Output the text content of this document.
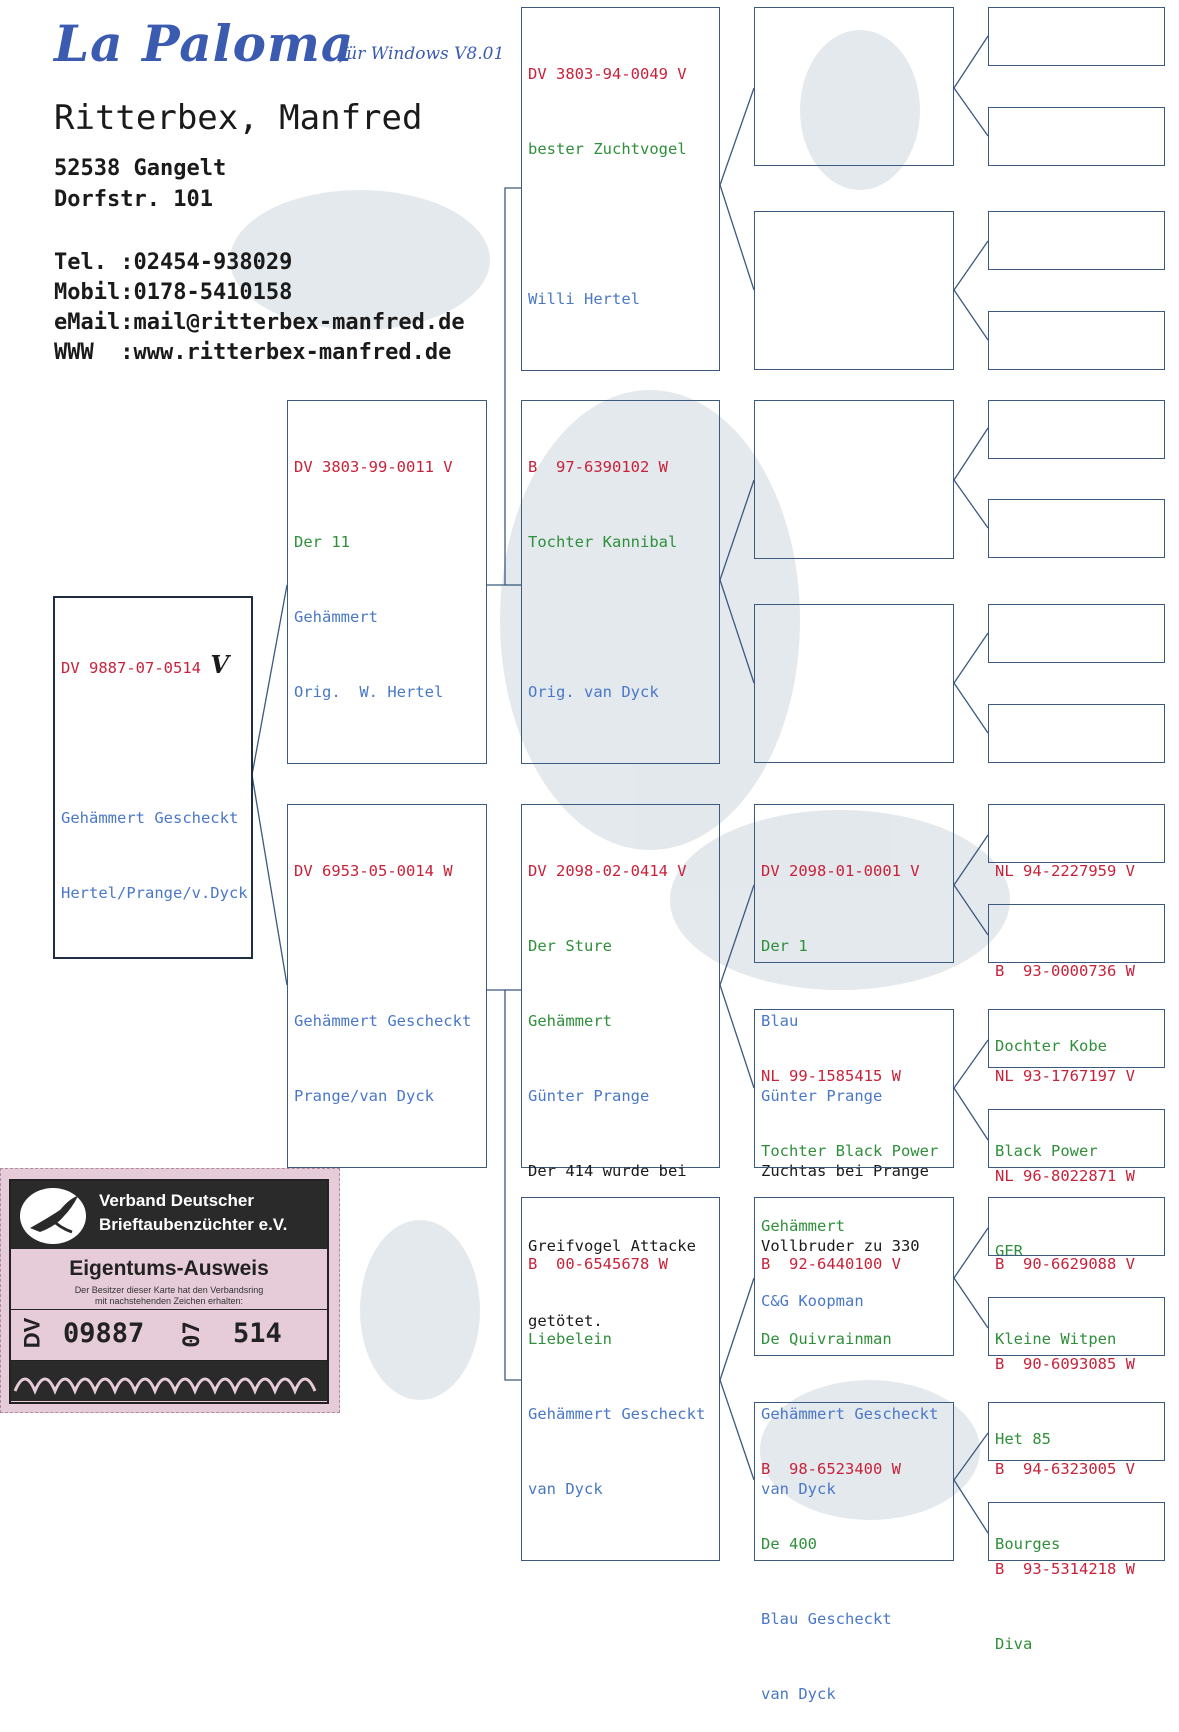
La Paloma
für Windows V8.01
Ritterbex, Manfred
52538 Gangelt
Dorfstr. 101
Tel. :02454-938029
Mobil:0178-5410158
eMail:mail@ritterbex-manfred.de
WWW  :www.ritterbex-manfred.de

DV 9887-07-0514 V

Gehämmert Gescheckt

Hertel/Prange/v.Dyck

DV 3803-99-0011 V

Der 11

Gehämmert

Orig.  W. Hertel

DV 6953-05-0014 W

Gehämmert Gescheckt

Prange/van Dyck

DV 3803-94-0049 V

bester Zuchtvogel

Willi Hertel

B  97-6390102 W

Tochter Kannibal

Orig. van Dyck

DV 2098-02-0414 V

Der Sture

Gehämmert

Günter Prange

Der 414 wurde bei

Greifvogel Attacke

getötet.

B  00-6545678 W

Liebelein

Gehämmert Gescheckt

van Dyck

DV 2098-01-0001 V

Der 1

Blau

Günter Prange

Zuchtas bei Prange

Vollbruder zu 330

NL 99-1585415 W

Tochter Black Power

Gehämmert

C&G Koopman

B  92-6440100 V

De Quivrainman

Gehämmert Gescheckt

van Dyck

B  98-6523400 W

De 400

Blau Gescheckt

van Dyck

NL 94-2227959 V

B  93-0000736 W

Dochter Kobe

NL 93-1767197 V

Black Power

NL 96-8022871 W

GER

B  90-6629088 V

Kleine Witpen

B  90-6093085 W

Het 85

B  94-6323005 V

Bourges

B  93-5314218 W

Diva

Verband Deutscher
Brieftaubenzüchter e.V.
Eigentums-Ausweis
Der Besitzer dieser Karte hat den Verbandsring
mit nachstehenden Zeichen erhalten:
DV 09887 07 514
